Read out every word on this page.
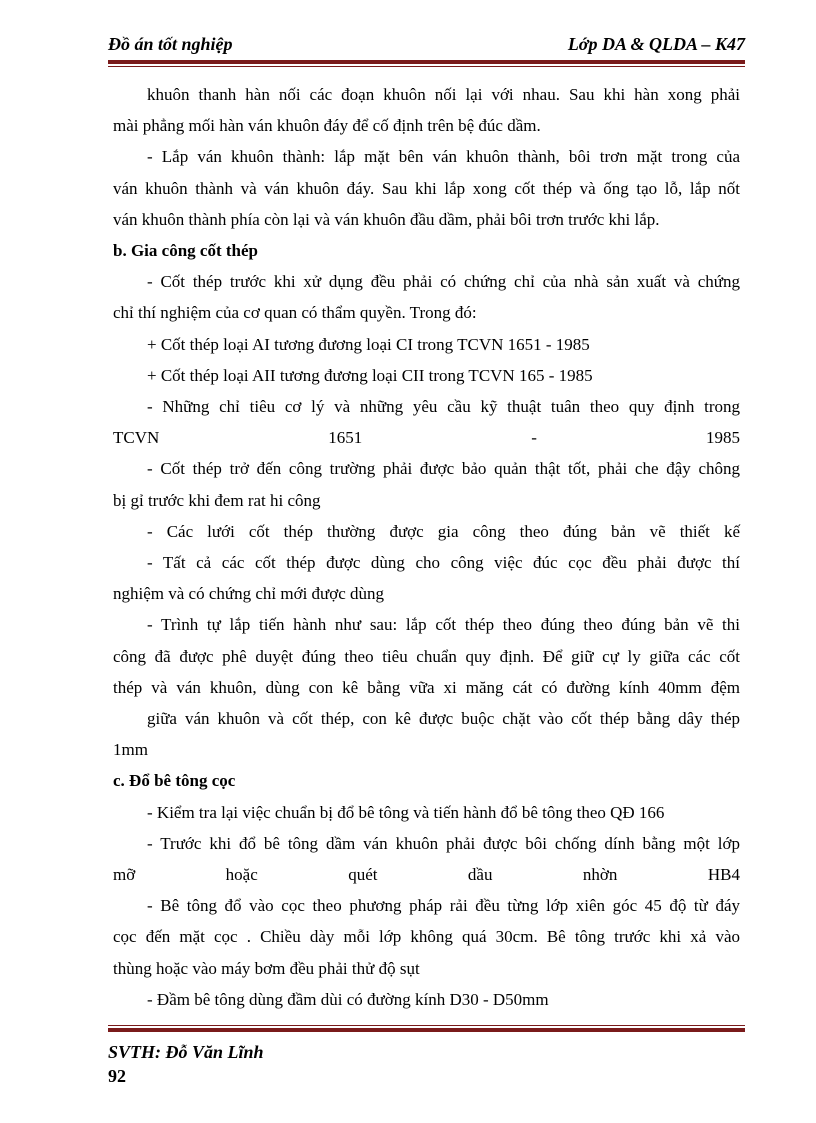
Đồ án tốt nghiệp	Lớp DA & QLDA – K47

khuôn thanh hàn nối các đoạn khuôn nối lại với nhau. Sau khi hàn xong phải

mài phẳng mối hàn ván khuôn đáy để cố định trên bệ đúc dầm.

- Lắp ván khuôn thành: lắp mặt bên ván khuôn thành, bôi trơn mặt trong của

ván khuôn thành và ván khuôn đáy. Sau khi lắp xong cốt thép và ống tạo lỗ, lắp nốt

ván khuôn thành phía còn lại và ván khuôn đầu dầm, phải bôi trơn trước khi lắp.

b. Gia công cốt thép

- Cốt thép trước khi xử dụng đều phải có chứng chỉ của nhà sản xuất và chứng

chỉ thí nghiệm của cơ quan có thẩm quyền. Trong đó:

+ Cốt thép loại AI tương đương loại CI trong TCVN 1651 - 1985

+ Cốt thép loại AII tương đương loại CII trong TCVN 165 - 1985

- Những chỉ tiêu cơ lý và những yêu cầu kỹ thuật tuân theo quy định trong

TCVN 1651 - 1985

- Cốt thép trở đến công trường phải được bảo quản thật tốt, phải che đậy chông

bị gỉ trước khi đem rat hi công

- Các lưới cốt thép thường được gia công theo đúng bản vẽ thiết kế

- Tất cả các cốt thép được dùng cho công việc đúc cọc đều phải được thí

nghiệm và có chứng chỉ mới được dùng

- Trình tự lắp tiến hành như sau: lắp cốt thép theo đúng theo đúng bản vẽ thi

công đã được phê duyệt đúng theo tiêu chuẩn quy định. Để giữ cự ly giữa các cốt

thép và ván khuôn, dùng con kê bằng vữa xi măng cát có đường kính 40mm đệm

giữa ván khuôn và cốt thép, con kê được buộc chặt vào cốt thép bằng dây thép

1mm

c. Đổ bê tông cọc

- Kiểm tra lại việc chuẩn bị đổ bê tông và tiến hành đổ bê tông theo QĐ 166

- Trước khi đổ bê tông dầm ván khuôn phải được bôi chống dính bằng một lớp

mỡ hoặc quét dầu nhờn HB4

- Bê tông đổ vào cọc theo phương pháp rải đều từng lớp xiên góc 45 độ từ đáy

cọc đến mặt cọc . Chiều dày mỗi lớp không quá 30cm. Bê tông trước khi xả vào

thùng hoặc vào máy bơm đều phải thử độ sụt

- Đầm bê tông dùng đầm dùi có đường kính D30 - D50mm

SVTH: Đỗ Văn Lĩnh
92
